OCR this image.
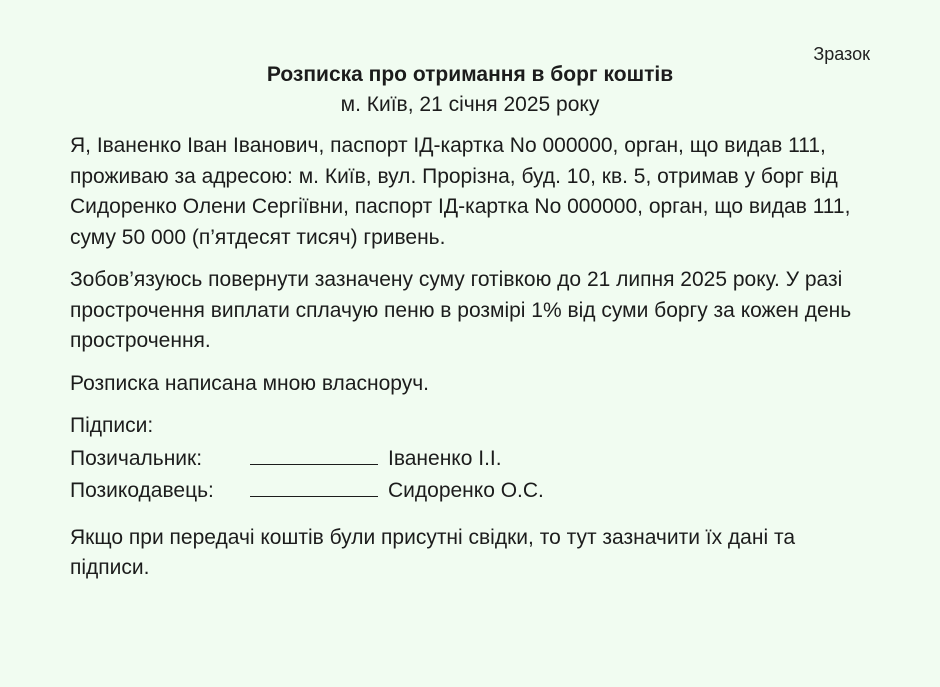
Зразок
Розписка про отримання в борг коштів
м. Київ, 21 січня 2025 року

Я, Іваненко Іван Іванович, паспорт ІД-картка No 000000, орган, що видав 111, проживаю за адресою: м. Київ, вул. Прорізна, буд. 10, кв. 5, отримав у борг від Сидоренко Олени Сергіївни, паспорт ІД-картка No 000000, орган, що видав 111, суму 50 000 (п’ятдесят тисяч) гривень.

Зобов’язуюсь повернути зазначену суму готівкою до 21 липня 2025 року. У разі прострочення виплати сплачую пеню в розмірі 1% від суми боргу за кожен день прострочення.

Розписка написана мною власноруч.

Підписи:
Позичальник:	Іваненко І.І.
Позикодавець:	Сидоренко О.С.

Якщо при передачі коштів були присутні свідки, то тут зазначити їх дані та підписи.
